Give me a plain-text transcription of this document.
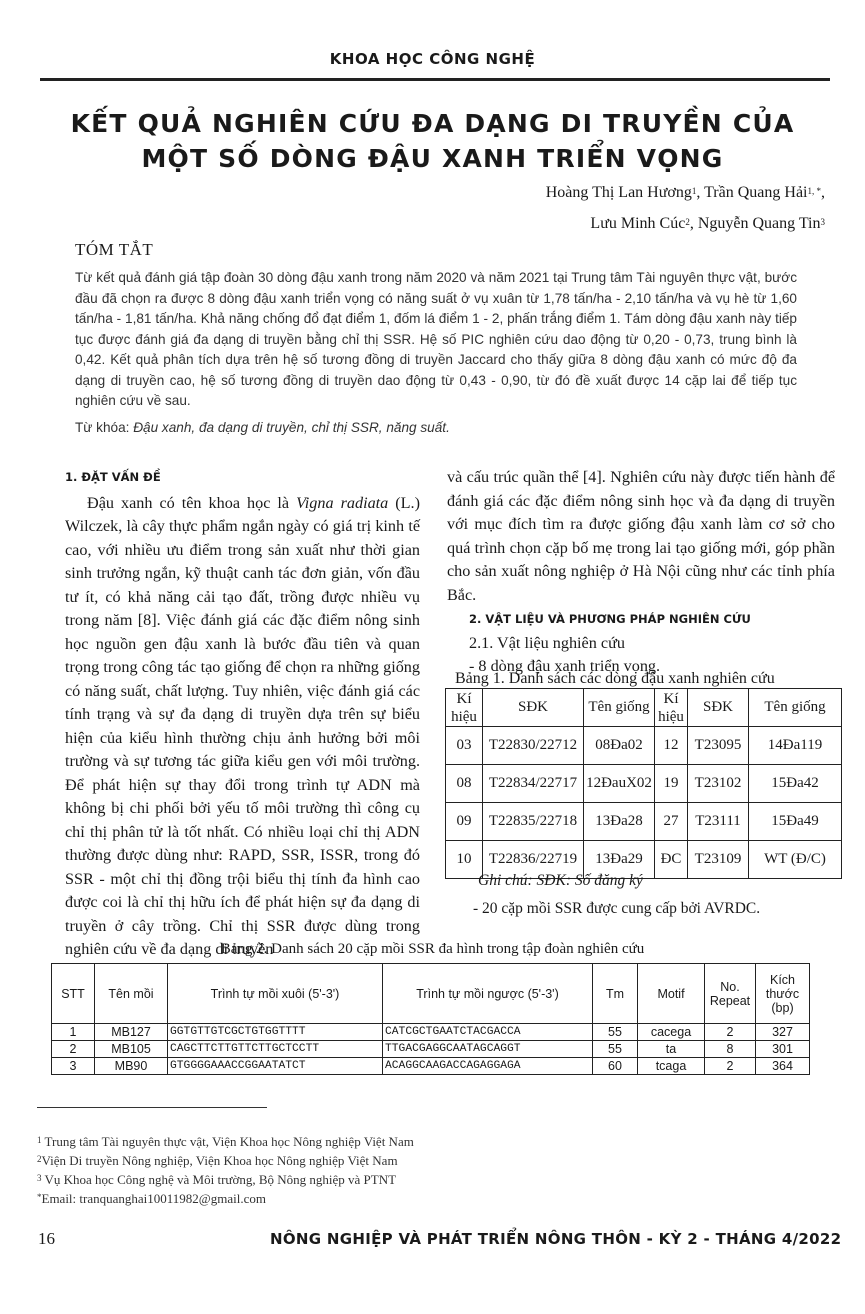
KHOA HỌC CÔNG NGHỆ
KẾT QUẢ NGHIÊN CỨU ĐA DẠNG DI TRUYỀN CỦA
MỘT SỐ DÒNG ĐẬU XANH TRIỂN VỌNG
Hoàng Thị Lan Hương$^1$, Trần Quang Hải$^{1, *}$,
Lưu Minh Cúc$^2$, Nguyễn Quang Tin$^3$
TÓM TẮT
Từ kết quả đánh giá tập đoàn 30 dòng đậu xanh trong năm 2020 và năm 2021 tại Trung tâm Tài nguyên thực vật, bước đầu đã chọn ra được 8 dòng đậu xanh triển vọng có năng suất ở vụ xuân từ 1,78 tấn/ha - 2,10 tấn/ha và vụ hè từ 1,60 tấn/ha - 1,81 tấn/ha. Khả năng chống đổ đạt điểm 1, đốm lá điểm 1 - 2, phấn trắng điểm 1. Tám dòng đậu xanh này tiếp tục được đánh giá đa dạng di truyền bằng chỉ thị SSR. Hệ số PIC nghiên cứu dao động từ 0,20 - 0,73, trung bình là 0,42. Kết quả phân tích dựa trên hệ số tương đồng di truyền Jaccard cho thấy giữa 8 dòng đậu xanh có mức độ đa dạng di truyền cao, hệ số tương đồng di truyền dao động từ 0,43 - 0,90, từ đó đề xuất được 14 cặp lai để tiếp tục nghiên cứu về sau.
Từ khóa: Đậu xanh, đa dạng di truyền, chỉ thị SSR, năng suất.
1. ĐẶT VẤN ĐỀ
Đậu xanh có tên khoa học là Vigna radiata (L.) Wilczek, là cây thực phẩm ngắn ngày có giá trị kinh tế cao, với nhiều ưu điểm trong sản xuất như thời gian sinh trưởng ngắn, kỹ thuật canh tác đơn giản, vốn đầu tư ít, có khả năng cải tạo đất, trồng được nhiều vụ trong năm [8]. Việc đánh giá các đặc điểm nông sinh học nguồn gen đậu xanh là bước đầu tiên và quan trọng trong công tác tạo giống để chọn ra những giống có năng suất, chất lượng. Tuy nhiên, việc đánh giá các tính trạng và sự đa dạng di truyền dựa trên sự biểu hiện của kiểu hình thường chịu ảnh hưởng bởi môi trường và sự tương tác giữa kiểu gen với môi trường. Để phát hiện sự thay đổi trong trình tự ADN mà không bị chi phối bởi yếu tố môi trường thì công cụ chỉ thị phân tử là tốt nhất. Có nhiều loại chỉ thị ADN thường được dùng như: RAPD, SSR, ISSR, trong đó SSR - một chỉ thị đồng trội biểu thị tính đa hình cao được coi là chỉ thị hữu ích để phát hiện sự đa dạng di truyền ở cây trồng. Chỉ thị SSR được dùng trong nghiên cứu về đa dạng di truyền
và cấu trúc quần thể [4]. Nghiên cứu này được tiến hành để đánh giá các đặc điểm nông sinh học và đa dạng di truyền với mục đích tìm ra được giống đậu xanh làm cơ sở cho quá trình chọn cặp bố mẹ trong lai tạo giống mới, góp phần cho sản xuất nông nghiệp ở Hà Nội cũng như các tỉnh phía Bắc.
2. VẬT LIỆU VÀ PHƯƠNG PHÁP NGHIÊN CỨU
2.1. Vật liệu nghiên cứu
- 8 dòng đậu xanh triển vọng.
Bảng 1. Danh sách các dòng đậu xanh nghiên cứu
Kí hiệu	SĐK	Tên giống	Kí hiệu	SĐK	Tên giống
03	T22830/22712	08Đa02	12	T23095	14Đa119
08	T22834/22717	12ĐauX02	19	T23102	15Đa42
09	T22835/22718	13Đa28	27	T23111	15Đa49
10	T22836/22719	13Đa29	ĐC	T23109	WT (Đ/C)
Ghi chú: SĐK: Số đăng ký
- 20 cặp mồi SSR được cung cấp bởi AVRDC.
Bảng 2. Danh sách 20 cặp mồi SSR đa hình trong tập đoàn nghiên cứu
STT	Tên mồi	Trình tự mồi xuôi (5'-3')	Trình tự mồi ngược (5'-3')	Tm	Motif	No. Repeat	Kích thước (bp)
1	MB127	GGTGTTGTCGCTGTGGTTTT	CATCGCTGAATCTACGACCA	55	cacega	2	327
2	MB105	CAGCTTCTTGTTCTTGCTCCTT	TTGACGAGGCAATAGCAGGT	55	ta	8	301
3	MB90	GTGGGGAAACCGGAATATCT	ACAGGCAAGACCAGAGGAGA	60	tcaga	2	364
$^1$ Trung tâm Tài nguyên thực vật, Viện Khoa học Nông nghiệp Việt Nam
$^2$Viện Di truyền Nông nghiệp, Viện Khoa học Nông nghiệp Việt Nam
$^3$ Vụ Khoa học Công nghệ và Môi trường, Bộ Nông nghiệp và PTNT
*Email: tranquanghai10011982@gmail.com
16	NÔNG NGHIỆP VÀ PHÁT TRIỂN NÔNG THÔN - KỲ 2 - THÁNG 4/2022
